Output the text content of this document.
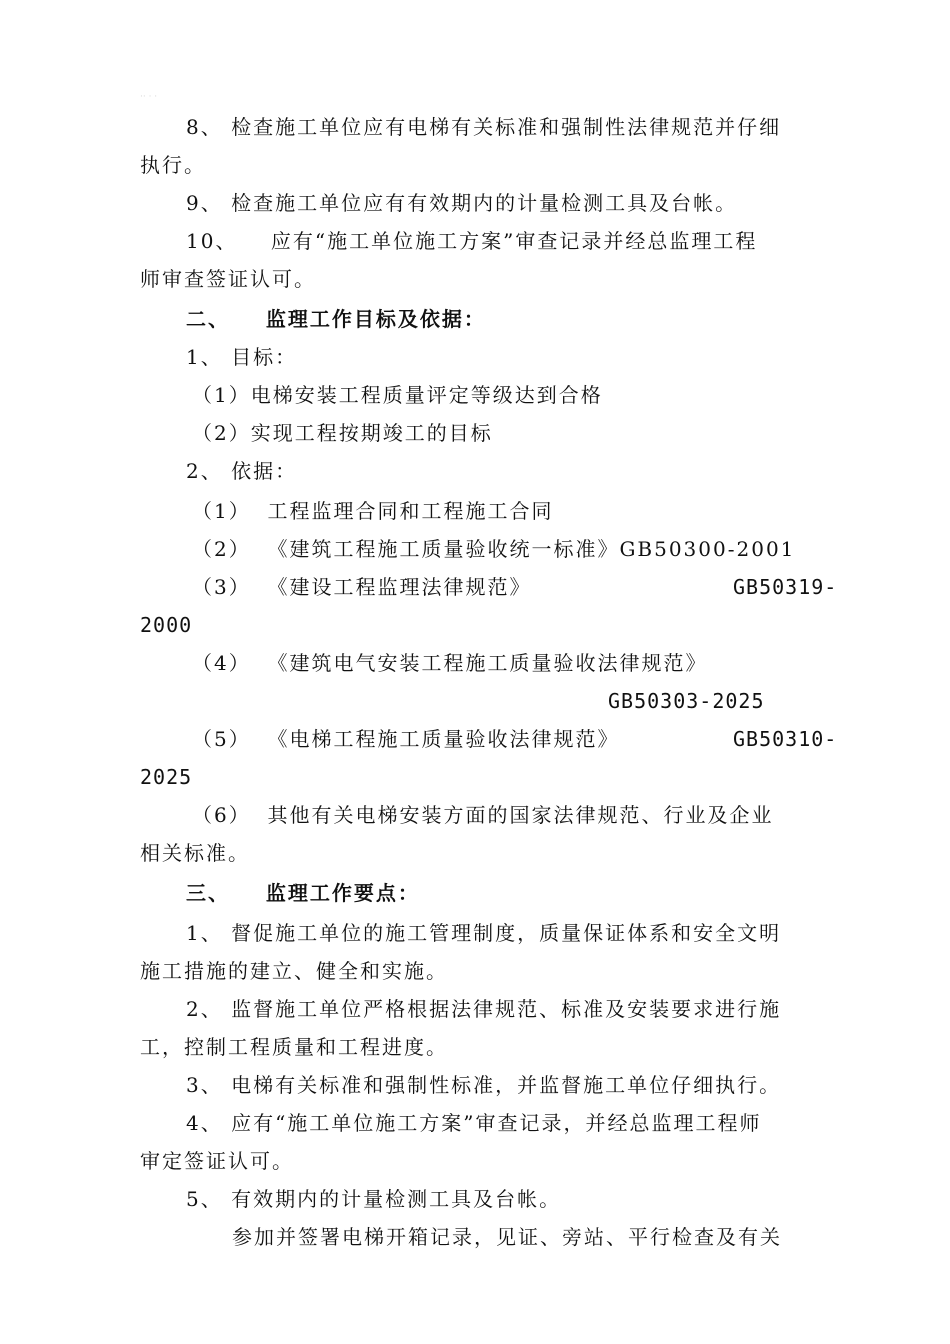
·· · ·
8、 检查施工单位应有电梯有关标准和强制性法律规范并仔细
执行。
9、 检查施工单位应有有效期内的计量检测工具及台帐。
10、    应有“施工单位施工方案”审查记录并经总监理工程
师审查签证认可。
二、    监理工作目标及依据：
1、 目标：
（1）电梯安装工程质量评定等级达到合格
（2）实现工程按期竣工的目标
2、 依据：
（1）  工程监理合同和工程施工合同
（2）  《建筑工程施工质量验收统一标准》GB50300-2001
（3）  《建设工程监理法律规范》	GB50319-
2000
（4）  《建筑电气安装工程施工质量验收法律规范》
GB50303-2025
（5）  《电梯工程施工质量验收法律规范》	GB50310-
2025
（6）  其他有关电梯安装方面的国家法律规范、行业及企业
相关标准。
三、    监理工作要点：
1、 督促施工单位的施工管理制度，质量保证体系和安全文明
施工措施的建立、健全和实施。
2、 监督施工单位严格根据法律规范、标准及安装要求进行施
工，控制工程质量和工程进度。
3、 电梯有关标准和强制性标准，并监督施工单位仔细执行。
4、 应有“施工单位施工方案”审查记录，并经总监理工程师
审定签证认可。
5、 有效期内的计量检测工具及台帐。
参加并签署电梯开箱记录，见证、旁站、平行检查及有关
